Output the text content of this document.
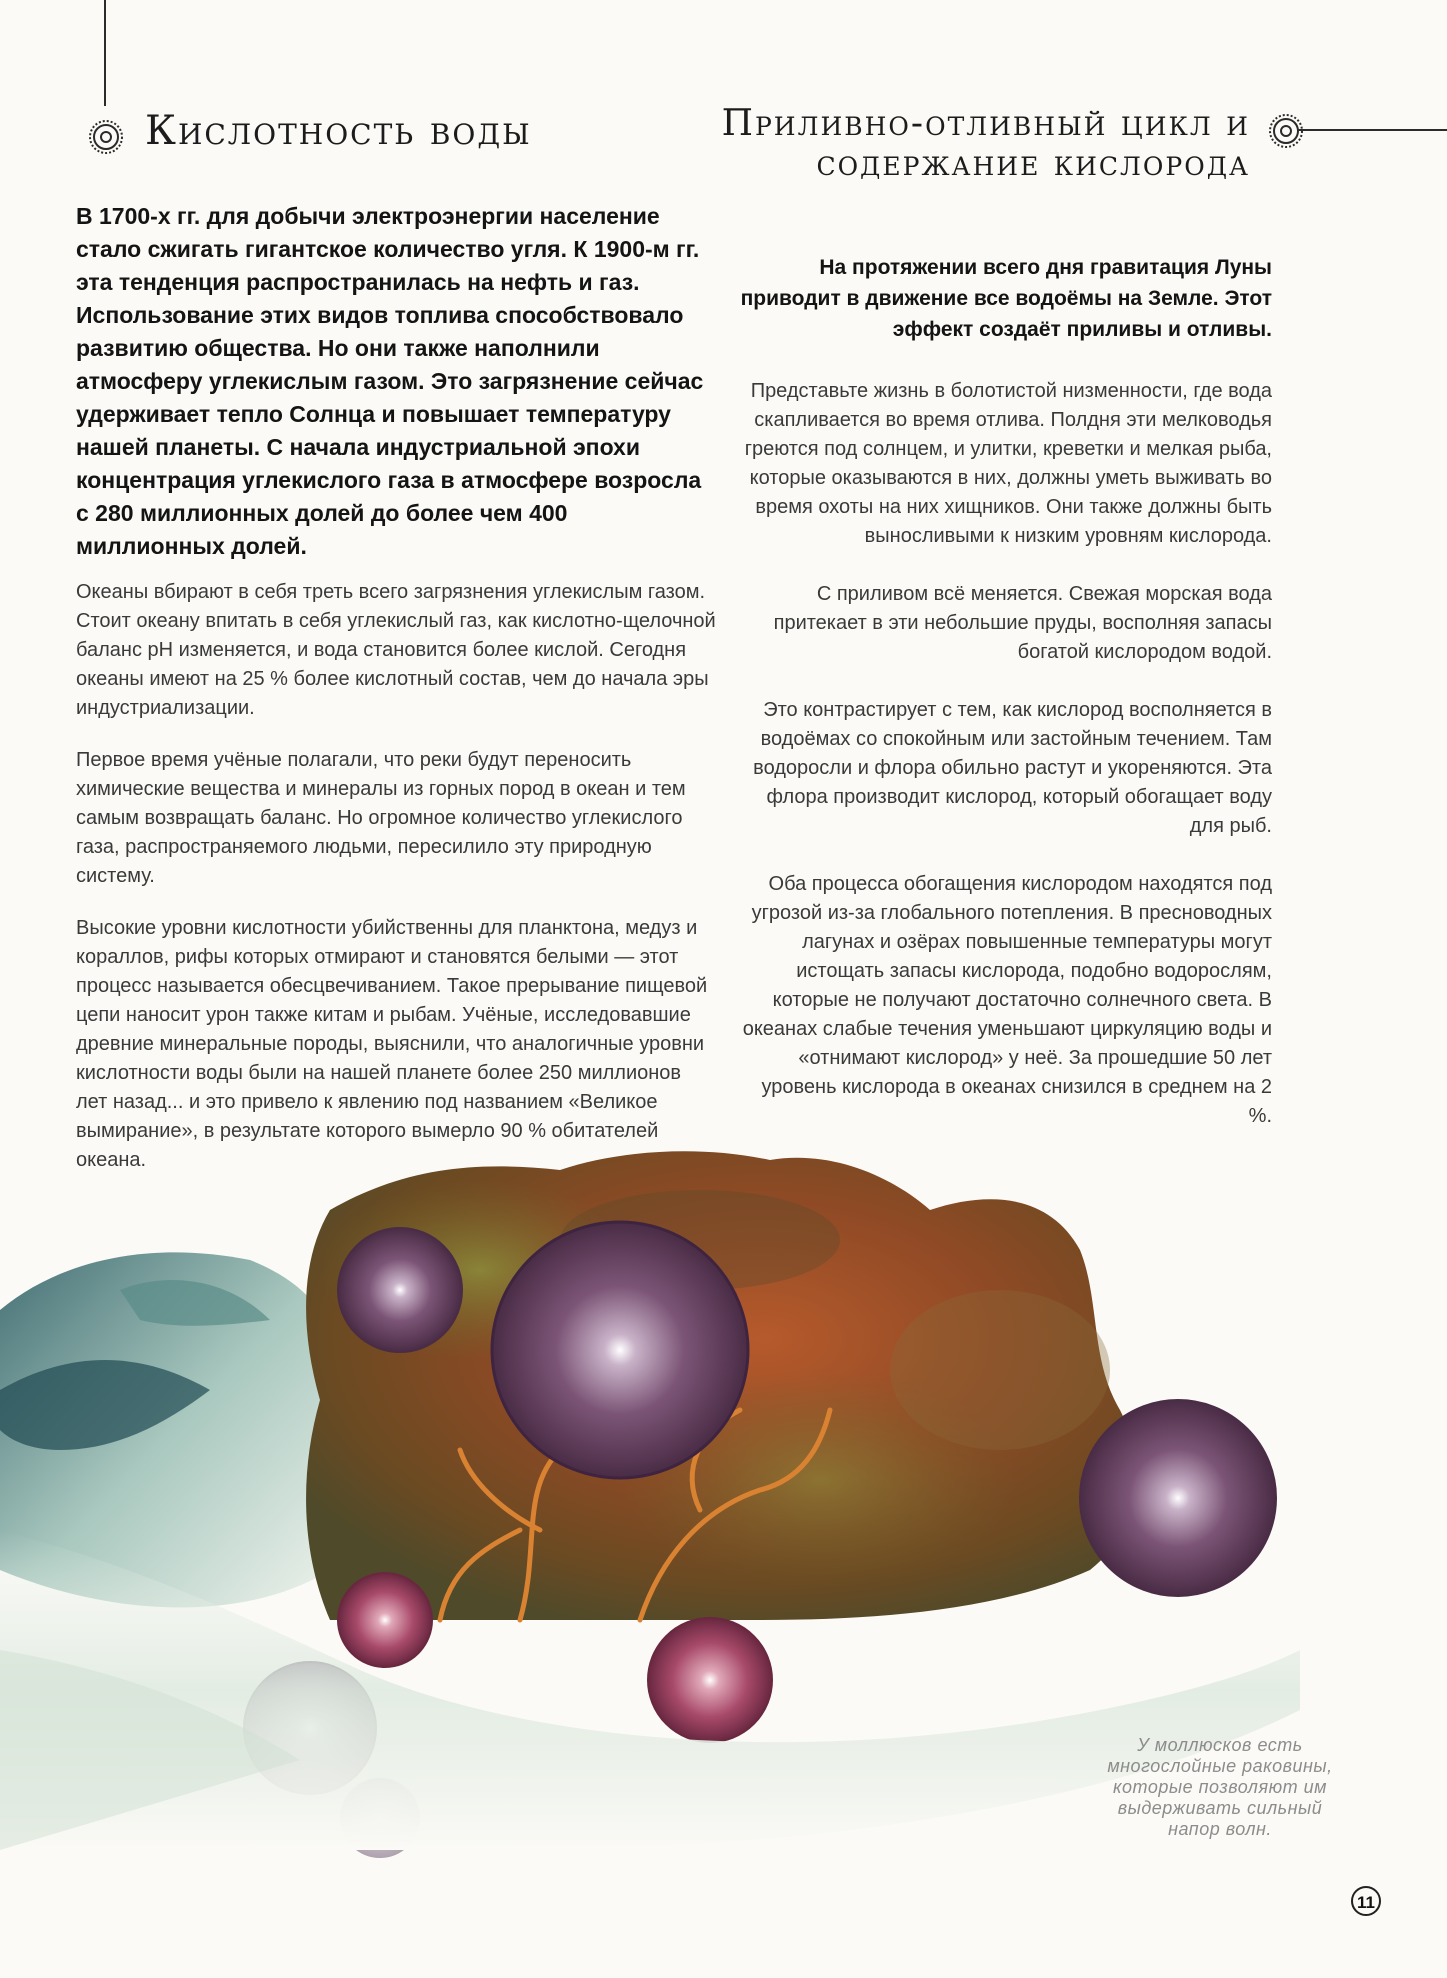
Кислотность воды	Приливно-отливный цикл и содержание кислорода

В 1700-х гг. для добычи электроэнергии население стало сжигать гигантское количество угля. К 1900-м гг. эта тенденция распространилась на нефть и газ. Использование этих видов топлива способствовало развитию общества. Но они также наполнили атмосферу углекислым газом. Это загрязнение сейчас удерживает тепло Солнца и повышает температуру нашей планеты. С начала индустриальной эпохи концентрация углекислого газа в атмосфере возросла с 280 миллионных долей до более чем 400 миллионных долей.

На протяжении всего дня гравитация Луны приводит в движение все водоёмы на Земле. Этот эффект создаёт приливы и отливы.

Океаны вбирают в себя треть всего загрязнения углекислым газом. Стоит океану впитать в себя углекислый газ, как кислотно-щелочной баланс pH изменяется, и вода становится более кислой. Сегодня океаны имеют на 25 % более кислотный состав, чем до начала эры индустриализации.

Первое время учёные полагали, что реки будут переносить химические вещества и минералы из горных пород в океан и тем самым возвращать баланс. Но огромное количество углекислого газа, распространяемого людьми, пересилило эту природную систему.

Высокие уровни кислотности убийственны для планктона, медуз и кораллов, рифы которых отмирают и становятся белыми — этот процесс называется обесцвечиванием. Такое прерывание пищевой цепи наносит урон также китам и рыбам. Учёные, исследовавшие древние минеральные породы, выяснили, что аналогичные уровни кислотности воды были на нашей планете более 250 миллионов лет назад... и это привело к явлению под названием «Великое вымирание», в результате которого вымерло 90 % обитателей океана.

Представьте жизнь в болотистой низменности, где вода скапливается во время отлива. Полдня эти мелководья греются под солнцем, и улитки, креветки и мелкая рыба, которые оказываются в них, должны уметь выживать во время охоты на них хищников. Они также должны быть выносливыми к низким уровням кислорода.

С приливом всё меняется. Свежая морская вода притекает в эти небольшие пруды, восполняя запасы богатой кислородом водой.

Это контрастирует с тем, как кислород восполняется в водоёмах со спокойным или застойным течением. Там водоросли и флора обильно растут и укореняются. Эта флора производит кислород, который обогащает воду для рыб.

Оба процесса обогащения кислородом находятся под угрозой из-за глобального потепления. В пресноводных лагунах и озёрах повышенные температуры могут истощать запасы кислорода, подобно водорослям, которые не получают достаточно солнечного света. В океанах слабые течения уменьшают циркуляцию воды и «отнимают кислород» у неё. За прошедшие 50 лет уровень кислорода в океанах снизился в среднем на 2 %.

У моллюсков есть многослойные раковины, которые позволяют им выдерживать сильный напор волн.

11
